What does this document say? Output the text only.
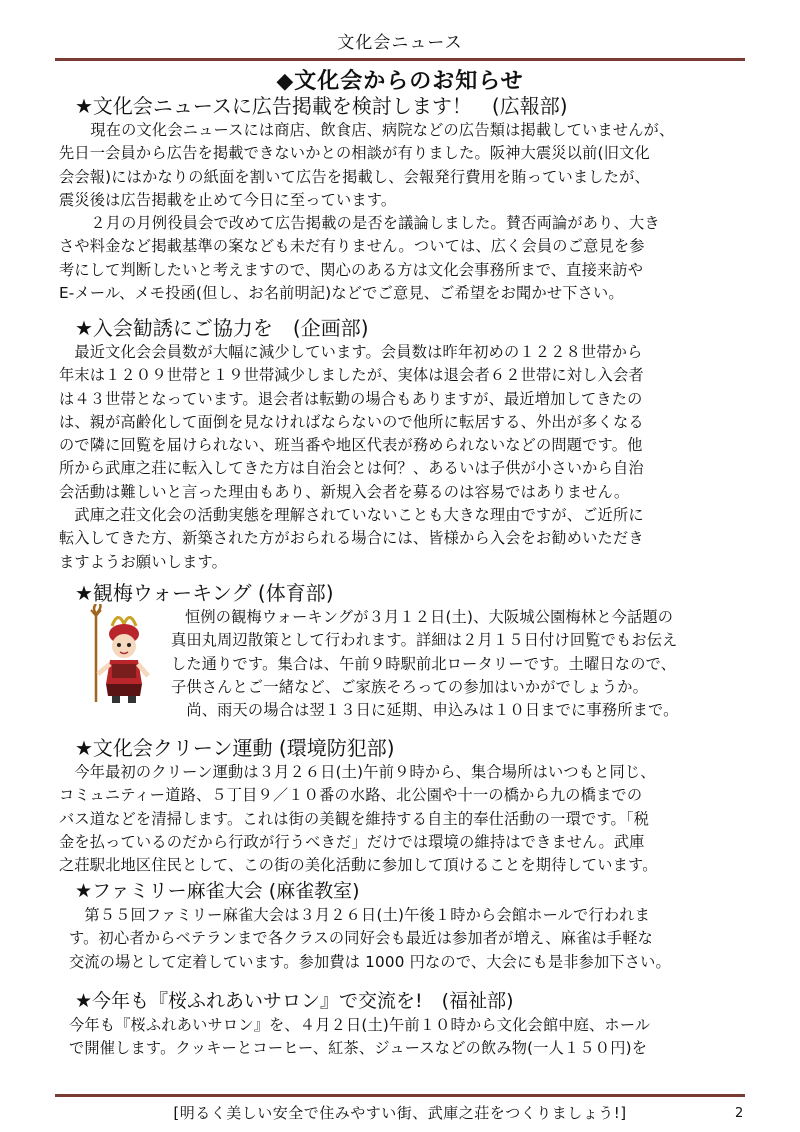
文化会ニュース
◆文化会からのお知らせ
★文化会ニュースに広告掲載を検討します！　(広報部)
　現在の文化会ニュースには商店、飲食店、病院などの広告類は掲載していませんが、
先日一会員から広告を掲載できないかとの相談が有りました。阪神大震災以前(旧文化
会会報)にはかなりの紙面を割いて広告を掲載し、会報発行費用を賄っていましたが、
震災後は広告掲載を止めて今日に至っています。
　２月の月例役員会で改めて広告掲載の是否を議論しました。賛否両論があり、大き
さや料金など掲載基準の案なども未だ有りません。ついては、広く会員のご意見を参
考にして判断したいと考えますので、関心のある方は文化会事務所まで、直接来訪や
E-メール、メモ投函(但し、お名前明記)などでご意見、ご希望をお聞かせ下さい。
★入会勧誘にご協力を　(企画部)
　最近文化会会員数が大幅に減少しています。会員数は昨年初めの１２２８世帯から
年末は１２０９世帯と１９世帯減少しましたが、実体は退会者６２世帯に対し入会者
は４３世帯となっています。退会者は転勤の場合もありますが、最近増加してきたの
は、親が高齢化して面倒を見なければならないので他所に転居する、外出が多くなる
ので隣に回覧を届けられない、班当番や地区代表が務められないなどの問題です。他
所から武庫之荘に転入してきた方は自治会とは何？、あるいは子供が小さいから自治
会活動は難しいと言った理由もあり、新規入会者を募るのは容易ではありません。
　武庫之荘文化会の活動実態を理解されていないことも大きな理由ですが、ご近所に
転入してきた方、新築された方がおられる場合には、皆様から入会をお勧めいただき
ますようお願いします。
★観梅ウォーキング (体育部)
恒例の観梅ウォーキングが３月１２日(土)、大阪城公園梅林と今話題の
真田丸周辺散策として行われます。詳細は２月１５日付け回覧でもお伝え
した通りです。集合は、午前９時駅前北ロータリーです。土曜日なので、
子供さんとご一緒など、ご家族そろっての参加はいかがでしょうか。
　尚、雨天の場合は翌１３日に延期、申込みは１０日までに事務所まで。
★文化会クリーン運動 (環境防犯部)
　今年最初のクリーン運動は３月２６日(土)午前９時から、集合場所はいつもと同じ、
コミュニティー道路、５丁目９／１０番の水路、北公園や十一の橋から九の橋までの
バス道などを清掃します。これは街の美観を維持する自主的奉仕活動の一環です。「税
金を払っているのだから行政が行うべきだ」だけでは環境の維持はできません。武庫
之荘駅北地区住民として、この街の美化活動に参加して頂けることを期待しています。
★ファミリー麻雀大会 (麻雀教室)
　第５５回ファミリー麻雀大会は３月２６日(土)午後１時から会館ホールで行われま
す。初心者からベテランまで各クラスの同好会も最近は参加者が増え、麻雀は手軽な
交流の場として定着しています。参加費は 1000 円なので、大会にも是非参加下さい。
★今年も『桜ふれあいサロン』で交流を!　(福祉部)
今年も『桜ふれあいサロン』を、４月２日(土)午前１０時から文化会館中庭、ホール
で開催します。クッキーとコーヒー、紅茶、ジュースなどの飲み物(一人１５０円)を
[明るく美しい安全で住みやすい街、武庫之荘をつくりましょう!]	2
